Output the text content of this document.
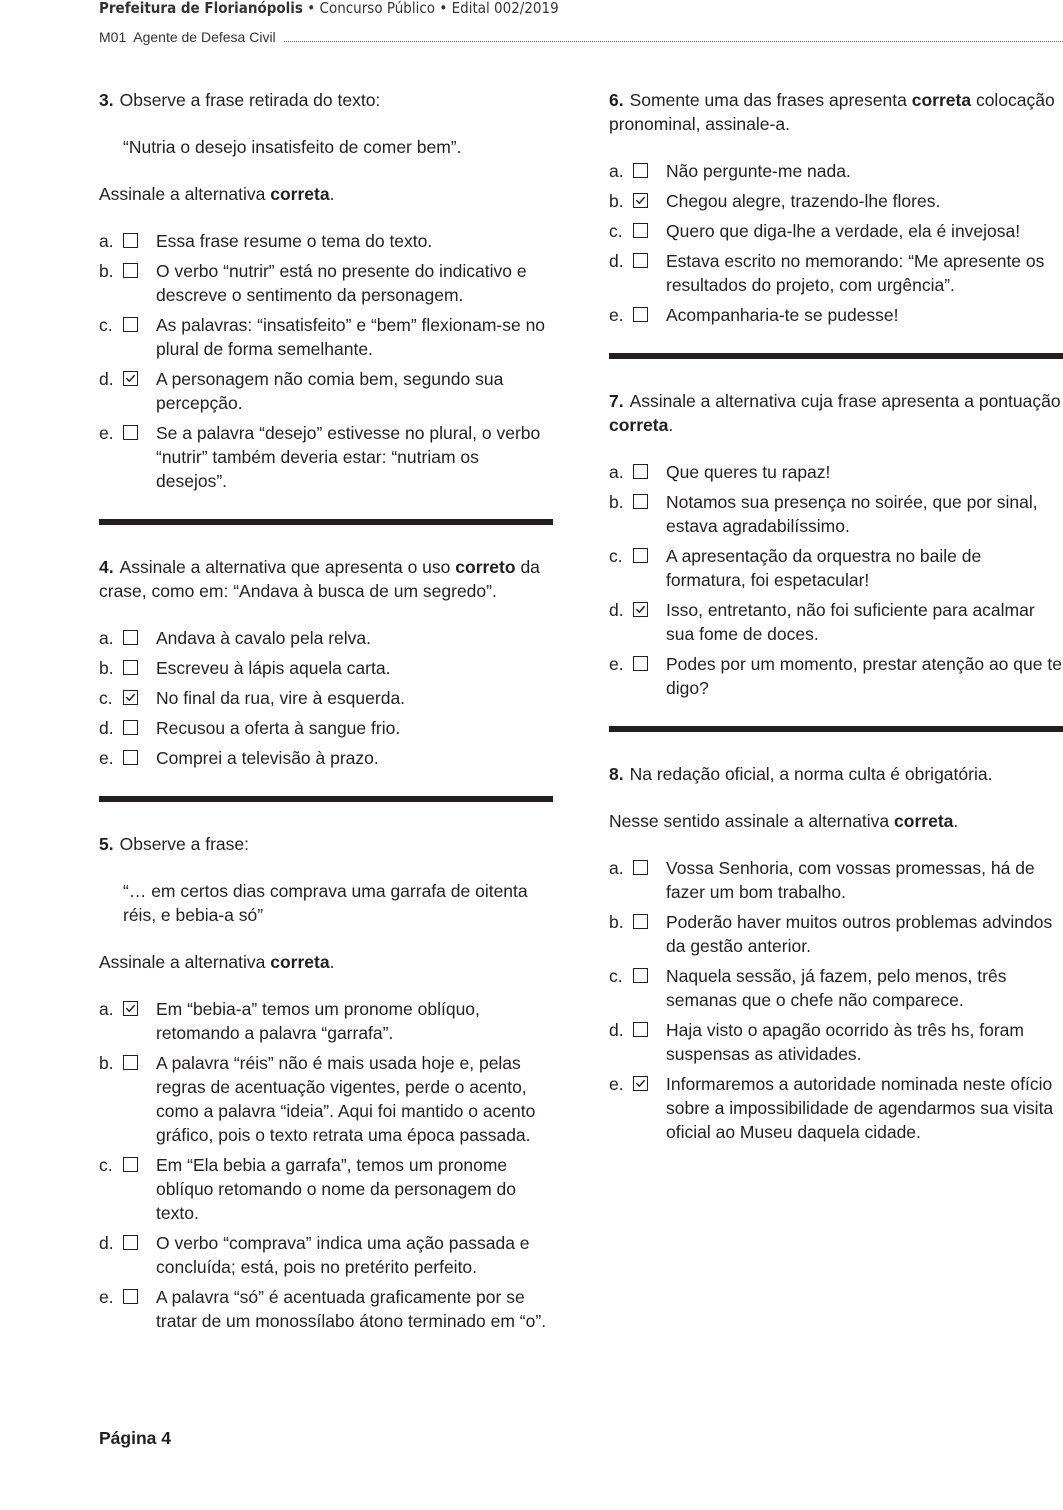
Prefeitura de Florianópolis • Concurso Público • Edital 002/2019
M01 Agente de Defesa Civil

3. Observe a frase retirada do texto:

“Nutria o desejo insatisfeito de comer bem”.

Assinale a alternativa correta.

a. Essa frase resume o tema do texto.
b. O verbo “nutrir” está no presente do indicativo e descreve o sentimento da personagem.
c. As palavras: “insatisfeito” e “bem” flexionam-se no plural de forma semelhante.
d. A personagem não comia bem, segundo sua percepção.
e. Se a palavra “desejo” estivesse no plural, o verbo “nutrir” também deveria estar: “nutriam os desejos”.

4. Assinale a alternativa que apresenta o uso correto da crase, como em: “Andava à busca de um segredo”.

a. Andava à cavalo pela relva.
b. Escreveu à lápis aquela carta.
c. No final da rua, vire à esquerda.
d. Recusou a oferta à sangue frio.
e. Comprei a televisão à prazo.

5. Observe a frase:

“… em certos dias comprava uma garrafa de oitenta réis, e bebia-a só”

Assinale a alternativa correta.

a. Em “bebia-a” temos um pronome oblíquo, retomando a palavra “garrafa”.
b. A palavra “réis” não é mais usada hoje e, pelas regras de acentuação vigentes, perde o acento, como a palavra “ideia”. Aqui foi mantido o acento gráfico, pois o texto retrata uma época passada.
c. Em “Ela bebia a garrafa”, temos um pronome oblíquo retomando o nome da personagem do texto.
d. O verbo “comprava” indica uma ação passada e concluída; está, pois no pretérito perfeito.
e. A palavra “só” é acentuada graficamente por se tratar de um monossílabo átono terminado em “o”.

6. Somente uma das frases apresenta correta colocação pronominal, assinale-a.

a. Não pergunte-me nada.
b. Chegou alegre, trazendo-lhe flores.
c. Quero que diga-lhe a verdade, ela é invejosa!
d. Estava escrito no memorando: “Me apresente os resultados do projeto, com urgência”.
e. Acompanharia-te se pudesse!

7. Assinale a alternativa cuja frase apresenta a pontuação correta.

a. Que queres tu rapaz!
b. Notamos sua presença no soirée, que por sinal, estava agradabilíssimo.
c. A apresentação da orquestra no baile de formatura, foi espetacular!
d. Isso, entretanto, não foi suficiente para acalmar sua fome de doces.
e. Podes por um momento, prestar atenção ao que te digo?

8. Na redação oficial, a norma culta é obrigatória.

Nesse sentido assinale a alternativa correta.

a. Vossa Senhoria, com vossas promessas, há de fazer um bom trabalho.
b. Poderão haver muitos outros problemas advindos da gestão anterior.
c. Naquela sessão, já fazem, pelo menos, três semanas que o chefe não comparece.
d. Haja visto o apagão ocorrido às três hs, foram suspensas as atividades.
e. Informaremos a autoridade nominada neste ofício sobre a impossibilidade de agendarmos sua visita oficial ao Museu daquela cidade.
Página 4
